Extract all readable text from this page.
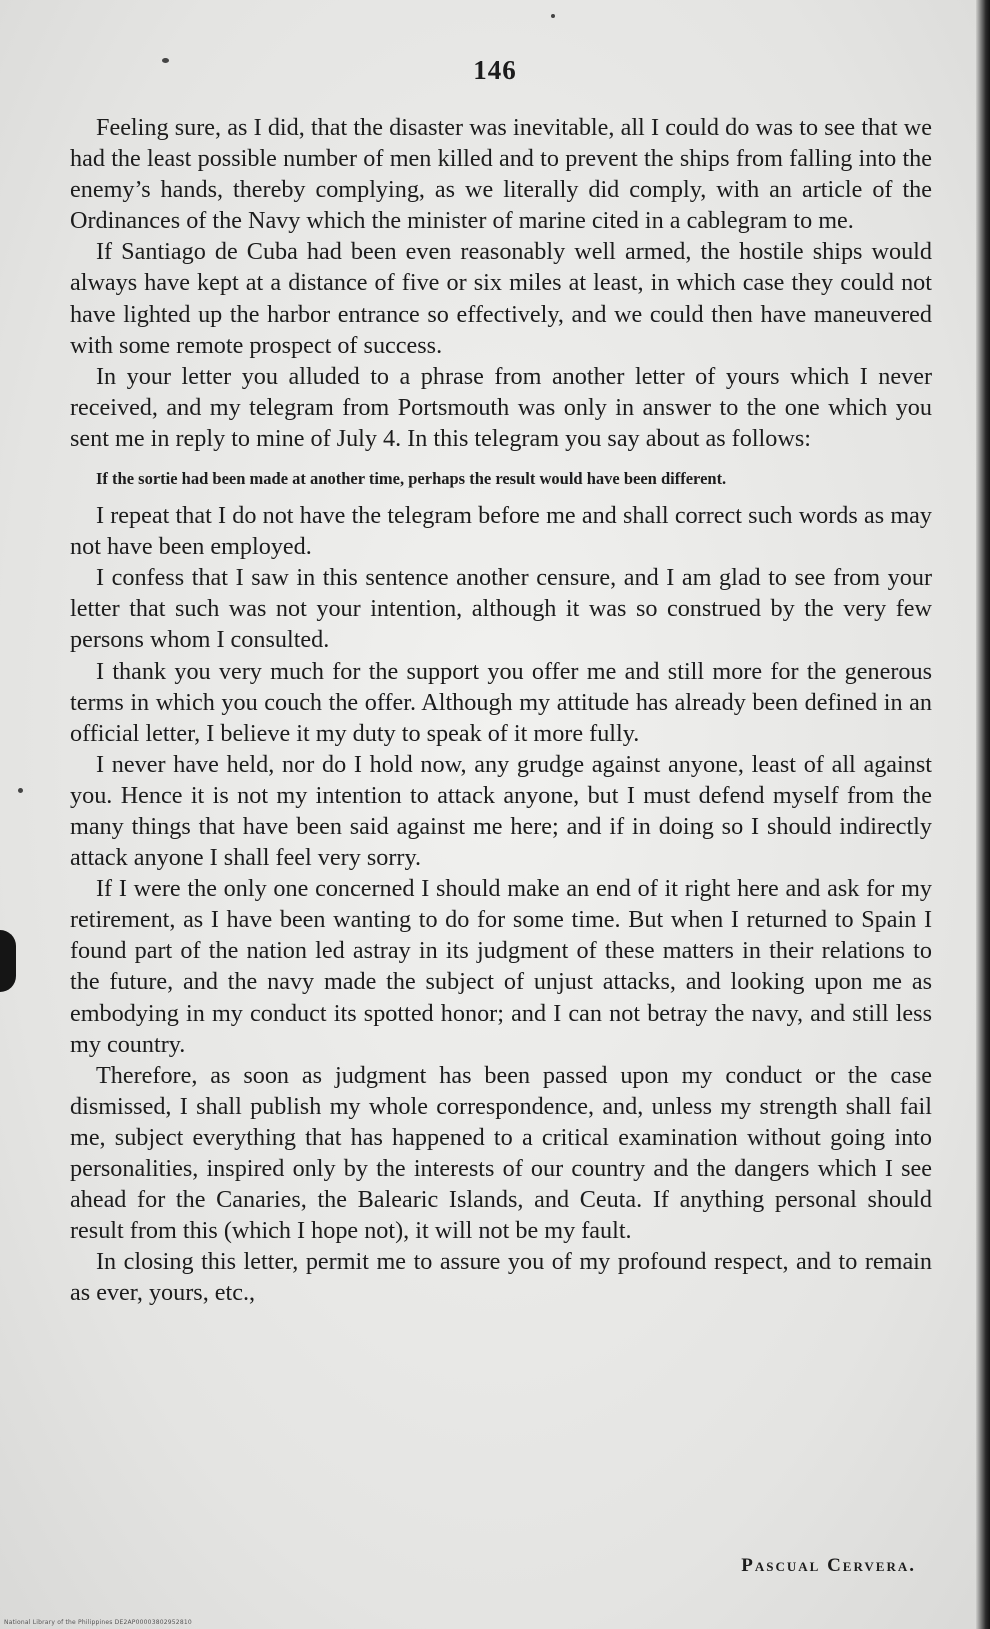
146

Feeling sure, as I did, that the disaster was inevitable, all I could do was to see that we had the least possible number of men killed and to prevent the ships from falling into the enemy’s hands, thereby complying, as we literally did comply, with an article of the Ordinances of the Navy which the minister of marine cited in a cablegram to me.

If Santiago de Cuba had been even reasonably well armed, the hostile ships would always have kept at a distance of five or six miles at least, in which case they could not have lighted up the harbor entrance so effectively, and we could then have maneuvered with some remote prospect of success.

In your letter you alluded to a phrase from another letter of yours which I never received, and my telegram from Portsmouth was only in answer to the one which you sent me in reply to mine of July 4. In this telegram you say about as follows:

If the sortie had been made at another time, perhaps the result would have been different.

I repeat that I do not have the telegram before me and shall correct such words as may not have been employed.

I confess that I saw in this sentence another censure, and I am glad to see from your letter that such was not your intention, although it was so construed by the very few persons whom I consulted.

I thank you very much for the support you offer me and still more for the generous terms in which you couch the offer. Although my attitude has already been defined in an official letter, I believe it my duty to speak of it more fully.

I never have held, nor do I hold now, any grudge against anyone, least of all against you. Hence it is not my intention to attack anyone, but I must defend myself from the many things that have been said against me here; and if in doing so I should indirectly attack anyone I shall feel very sorry.

If I were the only one concerned I should make an end of it right here and ask for my retirement, as I have been wanting to do for some time. But when I returned to Spain I found part of the nation led astray in its judgment of these matters in their relations to the future, and the navy made the subject of unjust attacks, and looking upon me as embodying in my conduct its spotted honor; and I can not betray the navy, and still less my country.

Therefore, as soon as judgment has been passed upon my conduct or the case dismissed, I shall publish my whole correspondence, and, unless my strength shall fail me, subject everything that has happened to a critical examination without going into personalities, inspired only by the interests of our country and the dangers which I see ahead for the Canaries, the Balearic Islands, and Ceuta. If anything personal should result from this (which I hope not), it will not be my fault.

In closing this letter, permit me to assure you of my profound respect, and to remain as ever, yours, etc.,

Pascual Cervera.
National Library of the Philippines DE2AP00003802952810
